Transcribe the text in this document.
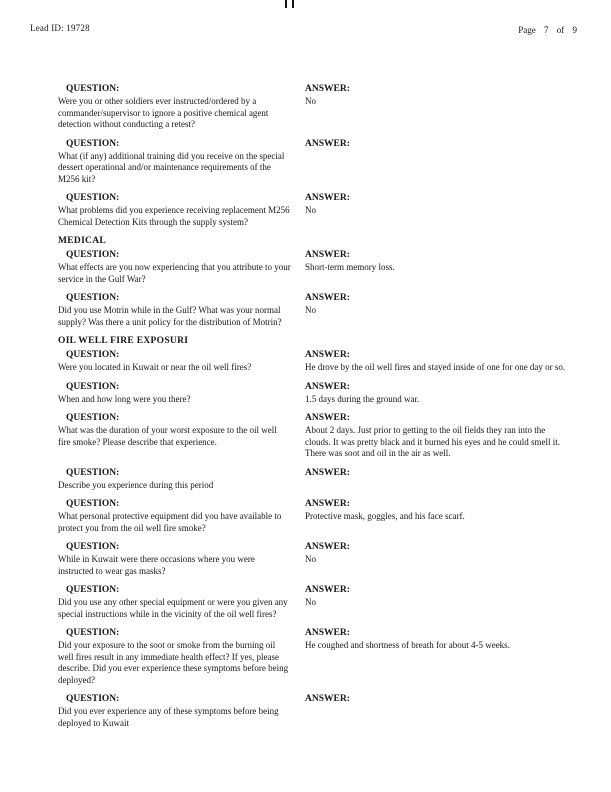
Lead ID: 19728	Page 7 of 9
QUESTION:
Were you or other soldiers ever instructed/ordered by a commander/supervisor to ignore a positive chemical agent detection without conducting a retest?
ANSWER:
No
QUESTION:
What (if any) additional training did you receive on the special dessert operational and/or maintenance requirements of the M256 kit?
ANSWER:
QUESTION:
What problems did you experience receiving replacement M256 Chemical Detection Kits through the supply system?
ANSWER:
No
MEDICAL
QUESTION:
What effects are you now experiencing that you attribute to your service in the Gulf War?
ANSWER:
Short-term memory loss.
QUESTION:
Did you use Motrin while in the Gulf? What was your normal supply? Was there a unit policy for the distribution of Motrin?
ANSWER:
No
OIL WELL FIRE EXPOSURI
QUESTION:
Were you located in Kuwait or near the oil well fires?
ANSWER:
He drove by the oil well fires and stayed inside of one for one day or so.
QUESTION:
When and how long were you there?
ANSWER:
1.5 days during the ground war.
QUESTION:
What was the duration of your worst exposure to the oil well fire smoke? Please describe that experience.
ANSWER:
About 2 days. Just prior to getting to the oil fields they ran into the clouds. It was pretty black and it burned his eyes and he could smell it. There was soot and oil in the air as well.
QUESTION:
Describe you experience during this period
ANSWER:
QUESTION:
What personal protective equipment did you have available to protect you from the oil well fire smoke?
ANSWER:
Protective mask, goggles, and his face scarf.
QUESTION:
While in Kuwait were there occasions where you were instructed to wear gas masks?
ANSWER:
No
QUESTION:
Did you use any other special equipment or were you given any special instructions while in the vicinity of the oil well fires?
ANSWER:
No
QUESTION:
Did your exposure to the soot or smoke from the burning oil well fires result in any immediate health effect? If yes, please describe. Did you ever experience these symptoms before being deployed?
ANSWER:
He coughed and shortness of breath for about 4-5 weeks.
QUESTION:
Did you ever experience any of these symptoms before being deployed to Kuwait
ANSWER:
